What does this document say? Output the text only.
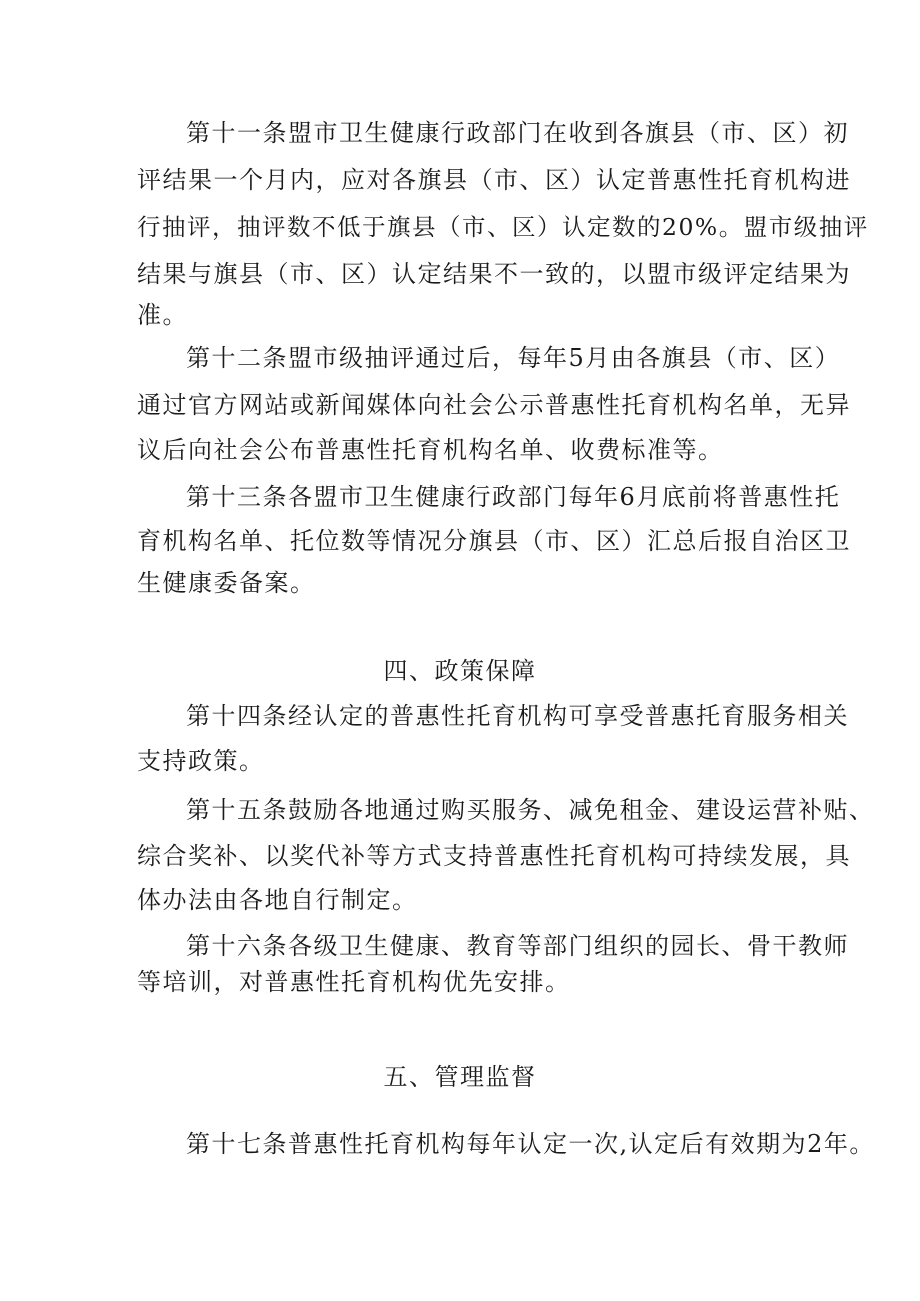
第十一条盟市卫生健康行政部门在收到各旗县（市、区）初
评结果一个月内，应对各旗县（市、区）认定普惠性托育机构进
行抽评，抽评数不低于旗县（市、区）认定数的20%。盟市级抽评
结果与旗县（市、区）认定结果不一致的，以盟市级评定结果为
准。
第十二条盟市级抽评通过后，每年5月由各旗县（市、区）
通过官方网站或新闻媒体向社会公示普惠性托育机构名单，无异
议后向社会公布普惠性托育机构名单、收费标准等。
第十三条各盟市卫生健康行政部门每年6月底前将普惠性托
育机构名单、托位数等情况分旗县（市、区）汇总后报自治区卫
生健康委备案。
四、政策保障
第十四条经认定的普惠性托育机构可享受普惠托育服务相关
支持政策。
第十五条鼓励各地通过购买服务、减免租金、建设运营补贴、
综合奖补、以奖代补等方式支持普惠性托育机构可持续发展，具
体办法由各地自行制定。
第十六条各级卫生健康、教育等部门组织的园长、骨干教师
等培训，对普惠性托育机构优先安排。
五、管理监督
第十七条普惠性托育机构每年认定一次,认定后有效期为2年。
